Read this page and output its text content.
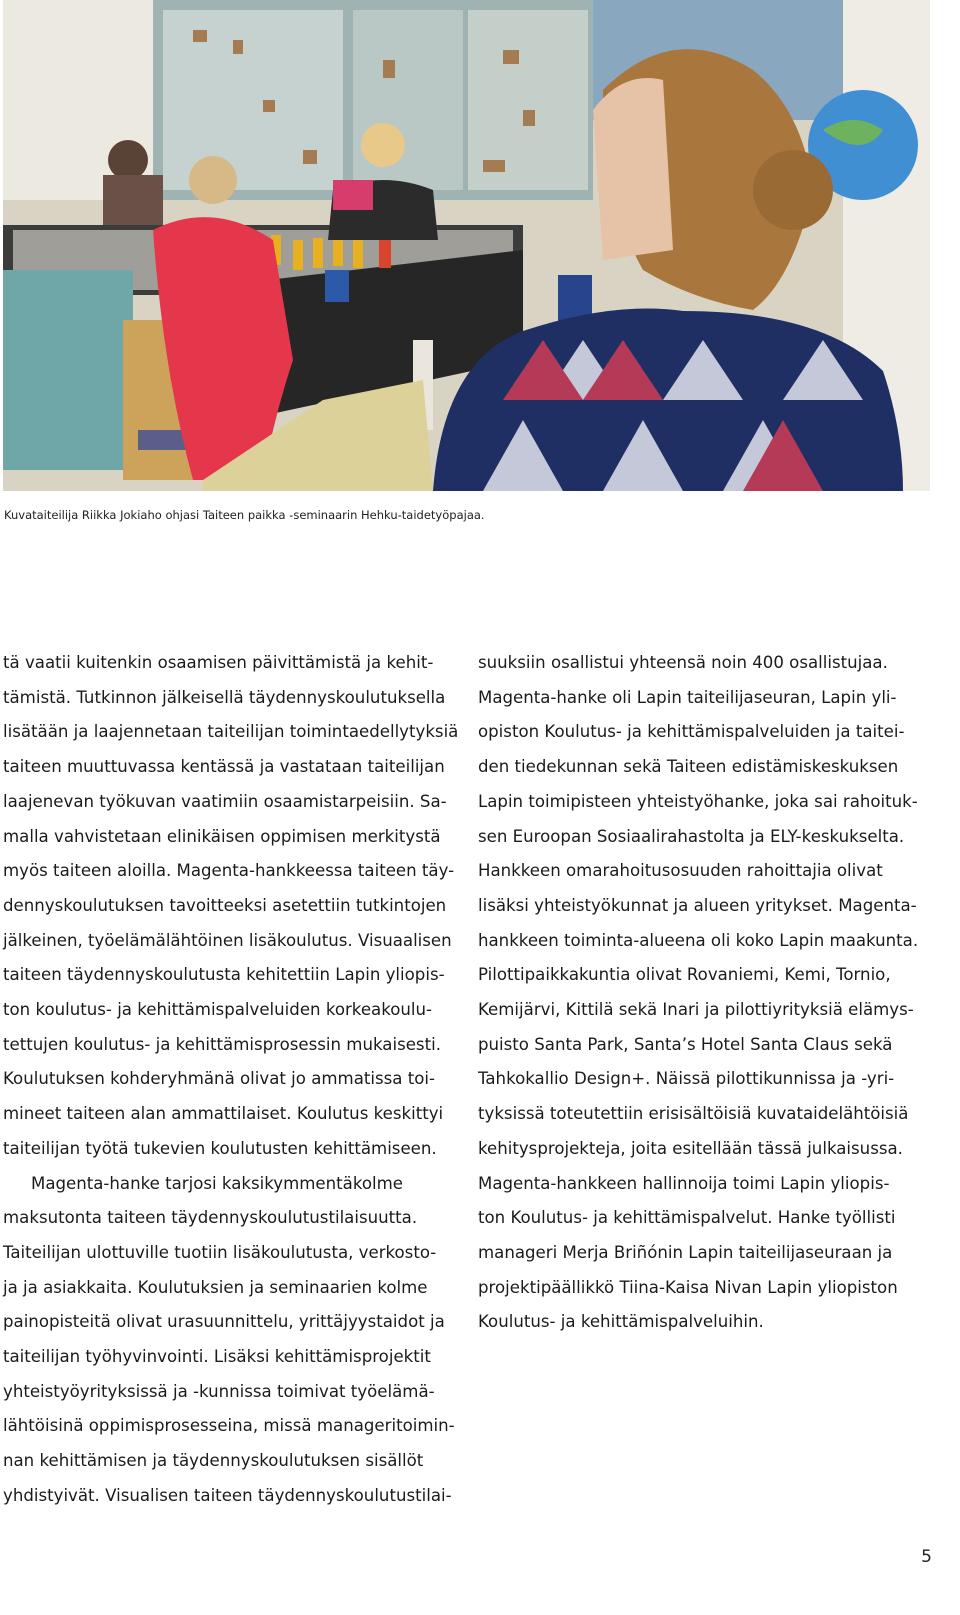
Kuvataiteilija Riikka Jokiaho ohjasi Taiteen paikka -seminaarin Hehku-taidetyöpajaa.
tä vaatii kuitenkin osaamisen päivittämistä ja kehit-
tämistä. Tutkinnon jälkeisellä täydennyskoulutuksella
lisätään ja laajennetaan taiteilijan toimintaedellytyksiä
taiteen muuttuvassa kentässä ja vastataan taiteilijan
laajenevan työkuvan vaatimiin osaamistarpeisiin. Sa-
malla vahvistetaan elinikäisen oppimisen merkitystä
myös taiteen aloilla. Magenta-hankkeessa taiteen täy-
dennyskoulutuksen tavoitteeksi asetettiin tutkintojen
jälkeinen, työelämälähtöinen lisäkoulutus. Visuaalisen
taiteen täydennyskoulutusta kehitettiin Lapin yliopis-
ton koulutus- ja kehittämispalveluiden korkeakoulu-
tettujen koulutus- ja kehittämisprosessin mukaisesti.
Koulutuksen kohderyhmänä olivat jo ammatissa toi-
mineet taiteen alan ammattilaiset. Koulutus keskittyi
taiteilijan työtä tukevien koulutusten kehittämiseen.
Magenta-hanke tarjosi kaksikymmentäkolme
maksutonta taiteen täydennyskoulutustilaisuutta.
Taiteilijan ulottuville tuotiin lisäkoulutusta, verkosto-
ja ja asiakkaita. Koulutuksien ja seminaarien kolme
painopisteitä olivat urasuunnittelu, yrittäjyystaidot ja
taiteilijan työhyvinvointi. Lisäksi kehittämisprojektit
yhteistyöyrityksissä ja -kunnissa toimivat työelämä-
lähtöisinä oppimisprosesseina, missä manageritoimin-
nan kehittämisen ja täydennyskoulutuksen sisällöt
yhdistyivät. Visualisen taiteen täydennyskoulutustilai-
suuksiin osallistui yhteensä noin 400 osallistujaa.
Magenta-hanke oli Lapin taiteilijaseuran, Lapin yli-
opiston Koulutus- ja kehittämispalveluiden ja taitei-
den tiedekunnan sekä Taiteen edistämiskeskuksen
Lapin toimipisteen yhteistyöhanke, joka sai rahoituk-
sen Euroopan Sosiaalirahastolta ja ELY-keskukselta.
Hankkeen omarahoitusosuuden rahoittajia olivat
lisäksi yhteistyökunnat ja alueen yritykset. Magenta-
hankkeen toiminta-alueena oli koko Lapin maakunta.
Pilottipaikkakuntia olivat Rovaniemi, Kemi, Tornio,
Kemijärvi, Kittilä sekä Inari ja pilottiyrityksiä elämys-
puisto Santa Park, Santa’s Hotel Santa Claus sekä
Tahkokallio Design+. Näissä pilottikunnissa ja -yri-
tyksissä toteutettiin erisisältöisiä kuvataidelähtöisiä
kehitysprojekteja, joita esitellään tässä julkaisussa.
Magenta-hankkeen hallinnoija toimi Lapin yliopis-
ton Koulutus- ja kehittämispalvelut. Hanke työllisti
manageri Merja Briñónin Lapin taiteilijaseuraan ja
projektipäällikkö Tiina-Kaisa Nivan Lapin yliopiston
Koulutus- ja kehittämispalveluihin.
5
